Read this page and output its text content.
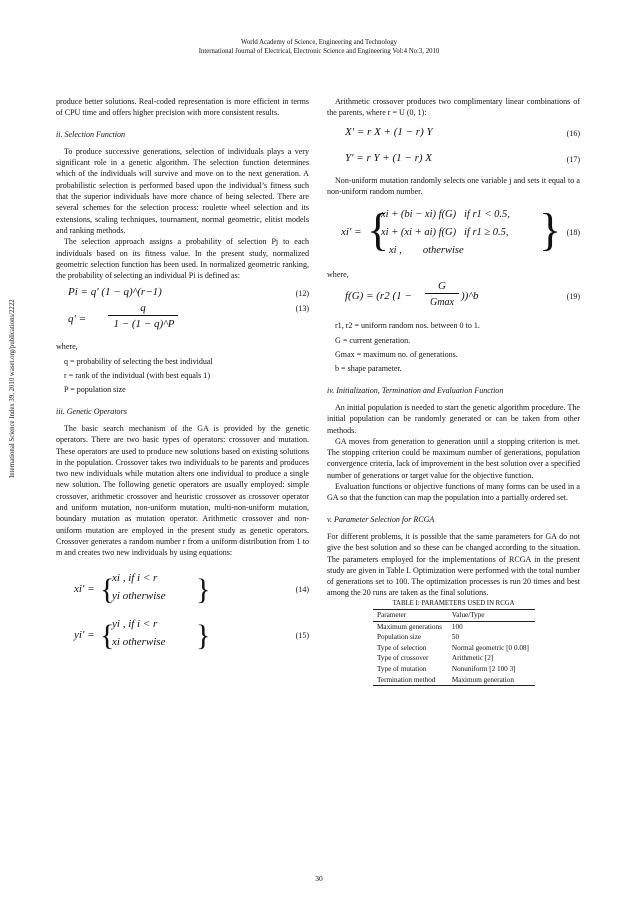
World Academy of Science, Engineering and Technology
International Journal of Electrical, Electronic Science and Engineering Vol:4 No:3, 2010
International Science Index 39, 2010 waset.org/publications/2222

produce better solutions. Real-coded representation is more efficient in terms of CPU time and offers higher precision with more consistent results.

ii. Selection Function

To produce successive generations, selection of individuals plays a very significant role in a genetic algorithm. The selection function determines which of the individuals will survive and move on to the next generation. A probabilistic selection is performed based upon the individual’s fitness such that the superior individuals have more chance of being selected. There are several schemes for the selection process: roulette wheel selection and its extensions, scaling techniques, tournament, normal geometric, elitist models and ranking methods.

The selection approach assigns a probability of selection Pj to each individuals based on its fitness value. In the present study, normalized geometric selection function has been used. In normalized geometric ranking, the probability of selecting an individual Pi is defined as:

Pi = q′ (1 − q)^(r−1)	(12)
q′ =
q
1 − (1 − q)^P
(13)

where,

q = probability of selecting the best individual

r = rank of the individual (with best equals 1)

P = population size

iii. Genetic Operators

The basic search mechanism of the GA is provided by the genetic operators. There are two basic types of operators: crossover and mutation. These operators are used to produce new solutions based on existing solutions in the population. Crossover takes two individuals to be parents and produces two new individuals while mutation alters one individual to produce a single new solution. The following genetic operators are usually employed: simple crossover, arithmetic crossover and heuristic crossover as crossover operator and uniform mutation, non-uniform mutation, multi-non-uniform mutation, boundary mutation as mutation operator. Arithmetic crossover and non-uniform mutation are employed in the present study as genetic operators. Crossover generates a random number r from a uniform distribution from 1 to m and creates two new individuals by using equations:

xi′ = {
xi , if i < r
yi otherwise }	(14)
yi′ = {
yi , if i < r
xi otherwise }	(15)

Arithmetic crossover produces two complimentary linear combinations of the parents, where r = U (0, 1):

X′ = r X + (1 − r) Y	(16)
Y′ = r Y + (1 − r) X	(17)

Non-uniform mutation randomly selects one variable j and sets it equal to a non-uniform random number.

xi′ = {
xi + (bi − xi) f(G)   if r1 < 0.5,
xi + (xi + ai) f(G)   if r1 ≥ 0.5,
xi ,        otherwise } (18)

where,

f(G) = (r2 (1 −
G
Gmax
))^b	(19)

r1, r2 = uniform random nos. between 0 to 1.

G = current generation.

Gmax = maximum no. of generations.

b = shape parameter.

iv. Initialization, Termination and Evaluation Function

An initial population is needed to start the genetic algorithm procedure. The initial population can be randomly generated or can be taken from other methods.

GA moves from generation to generation until a stopping criterion is met. The stopping criterion could be maximum number of generations, population convergence criteria, lack of improvement in the best solution over a specified number of generations or target value for the objective function.

Evaluation functions or objective functions of many forms can be used in a GA so that the function can map the population into a partially ordered set.

v. Parameter Selection for RCGA

For different problems, it is possible that the same parameters for GA do not give the best solution and so these can be changed according to the situation. The parameters employed for the implementations of RCGA in the present study are given in Table I. Optimization were performed with the total number of generations set to 100. The optimization processes is run 20 times and best among the 20 runs are taken as the final solutions.

TABLE I: PARAMETERS USED IN RCGA
Parameter	Value/Type
Maximum generations	100
Population size	50
Type of selection	Normal geometric [0 0.08]
Type of crossover	Arithmetic [2]
Type of mutation	Nonuniform [2 100 3]
Termination method	Maximum generation
30
